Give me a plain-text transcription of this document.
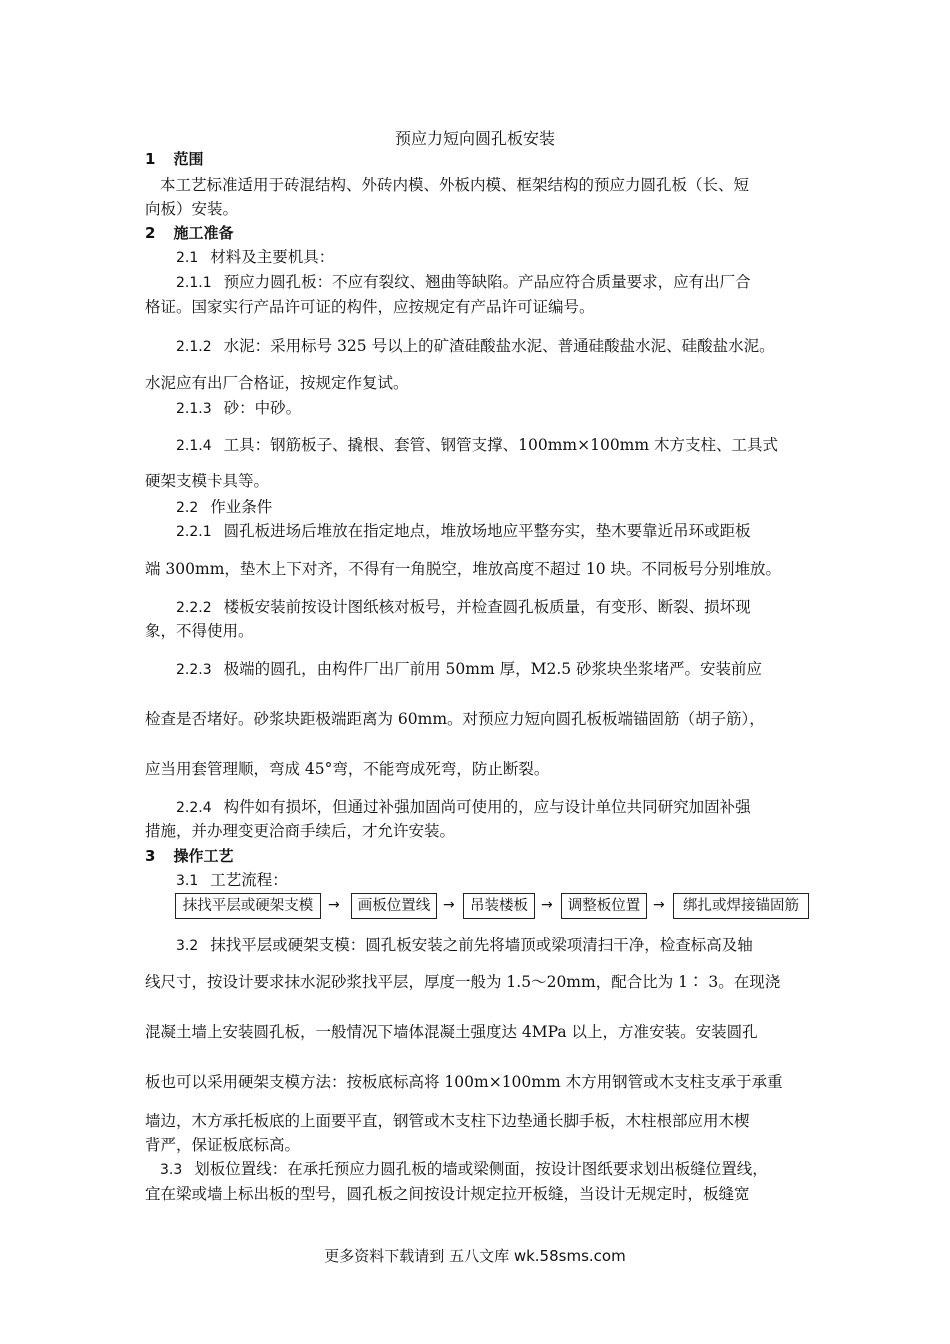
预应力短向圆孔板安装
1 范围
本工艺标准适用于砖混结构、外砖内模、外板内模、框架结构的预应力圆孔板（长、短
向板）安装。
2 施工准备
2.1 材料及主要机具：
2.1.1 预应力圆孔板：不应有裂纹、翘曲等缺陷。产品应符合质量要求，应有出厂合
格证。国家实行产品许可证的构件，应按规定有产品许可证编号。
2.1.2 水泥：采用标号 325 号以上的矿渣硅酸盐水泥、普通硅酸盐水泥、硅酸盐水泥。
水泥应有出厂合格证，按规定作复试。
2.1.3 砂：中砂。
2.1.4 工具：钢筋板子、撬根、套管、钢管支撑、100mm×100mm 木方支柱、工具式
硬架支模卡具等。
2.2 作业条件
2.2.1 圆孔板进场后堆放在指定地点，堆放场地应平整夯实，垫木要靠近吊环或距板
端 300mm，垫木上下对齐，不得有一角脱空，堆放高度不超过 10 块。不同板号分别堆放。
2.2.2 楼板安装前按设计图纸核对板号，并检查圆孔板质量，有变形、断裂、损坏现
象，不得使用。
2.2.3 极端的圆孔，由构件厂出厂前用 50mm 厚，M2.5 砂浆块坐浆堵严。安装前应
检查是否堵好。砂浆块距极端距离为 60mm。对预应力短向圆孔板板端锚固筋（胡子筋），
应当用套管理顺，弯成 45°弯，不能弯成死弯，防止断裂。
2.2.4 构件如有损坏，但通过补强加固尚可使用的，应与设计单位共同研究加固补强
措施，并办理变更洽商手续后，才允许安装。
3 操作工艺
3.1 工艺流程：
抹找平层或硬架支模	→	画板位置线 →	吊装楼板 →	调整板位置 →	绑扎或焊接锚固筋
3.2 抹找平层或硬架支模：圆孔板安装之前先将墙顶或梁项清扫干净，检查标高及轴
线尺寸，按设计要求抹水泥砂浆找平层，厚度一般为 1.5～20mm，配合比为 1∶ 3。在现浇
混凝土墙上安装圆孔板，一般情况下墙体混凝土强度达 4MPa 以上，方准安装。安装圆孔
板也可以采用硬架支模方法：按板底标高将 100m×100mm 木方用钢管或木支柱支承于承重
墙边，木方承托板底的上面要平直，钢管或木支柱下边垫通长脚手板，木柱根部应用木楔
背严，保证板底标高。
3.3 划板位置线：在承托预应力圆孔板的墙或梁侧面，按设计图纸要求划出板缝位置线，
宜在梁或墙上标出板的型号，圆孔板之间按设计规定拉开板缝，当设计无规定时，板缝宽
更多资料下载请到 五八文库 wk.58sms.com
